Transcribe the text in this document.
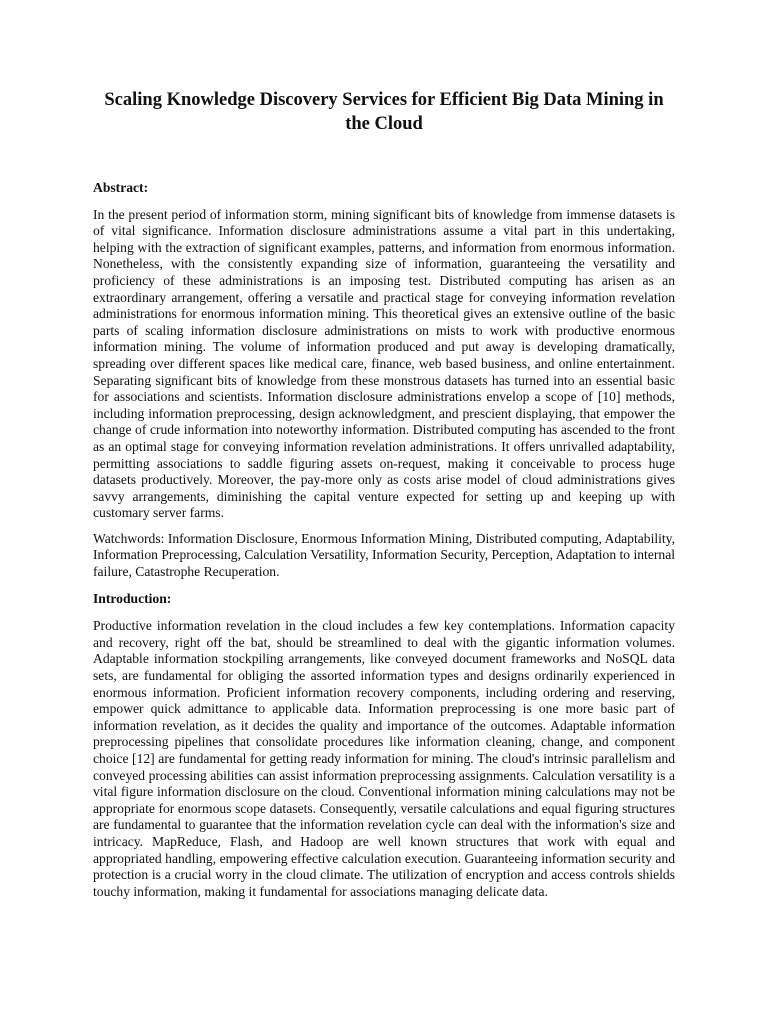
Scaling Knowledge Discovery Services for Efficient Big Data Mining in the Cloud
Abstract:

In the present period of information storm, mining significant bits of knowledge from immense datasets is of vital significance. Information disclosure administrations assume a vital part in this undertaking, helping with the extraction of significant examples, patterns, and information from enormous information. Nonetheless, with the consistently expanding size of information, guaranteeing the versatility and proficiency of these administrations is an imposing test. Distributed computing has arisen as an extraordinary arrangement, offering a versatile and practical stage for conveying information revelation administrations for enormous information mining. This theoretical gives an extensive outline of the basic parts of scaling information disclosure administrations on mists to work with productive enormous information mining. The volume of information produced and put away is developing dramatically, spreading over different spaces like medical care, finance, web based business, and online entertainment. Separating significant bits of knowledge from these monstrous datasets has turned into an essential basic for associations and scientists. Information disclosure administrations envelop a scope of [10] methods, including information preprocessing, design acknowledgment, and prescient displaying, that empower the change of crude information into noteworthy information. Distributed computing has ascended to the front as an optimal stage for conveying information revelation administrations. It offers unrivalled adaptability, permitting associations to saddle figuring assets on-request, making it conceivable to process huge datasets productively. Moreover, the pay-more only as costs arise model of cloud administrations gives savvy arrangements, diminishing the capital venture expected for setting up and keeping up with customary server farms.

Watchwords: Information Disclosure, Enormous Information Mining, Distributed computing, Adaptability, Information Preprocessing, Calculation Versatility, Information Security, Perception, Adaptation to internal failure, Catastrophe Recuperation.

Introduction:

Productive information revelation in the cloud includes a few key contemplations. Information capacity and recovery, right off the bat, should be streamlined to deal with the gigantic information volumes. Adaptable information stockpiling arrangements, like conveyed document frameworks and NoSQL data sets, are fundamental for obliging the assorted information types and designs ordinarily experienced in enormous information. Proficient information recovery components, including ordering and reserving, empower quick admittance to applicable data. Information preprocessing is one more basic part of information revelation, as it decides the quality and importance of the outcomes. Adaptable information preprocessing pipelines that consolidate procedures like information cleaning, change, and component choice [12] are fundamental for getting ready information for mining. The cloud's intrinsic parallelism and conveyed processing abilities can assist information preprocessing assignments. Calculation versatility is a vital figure information disclosure on the cloud. Conventional information mining calculations may not be appropriate for enormous scope datasets. Consequently, versatile calculations and equal figuring structures are fundamental to guarantee that the information revelation cycle can deal with the information's size and intricacy. MapReduce, Flash, and Hadoop are well known structures that work with equal and appropriated handling, empowering effective calculation execution. Guaranteeing information security and protection is a crucial worry in the cloud climate. The utilization of encryption and access controls shields touchy information, making it fundamental for associations managing delicate data.
